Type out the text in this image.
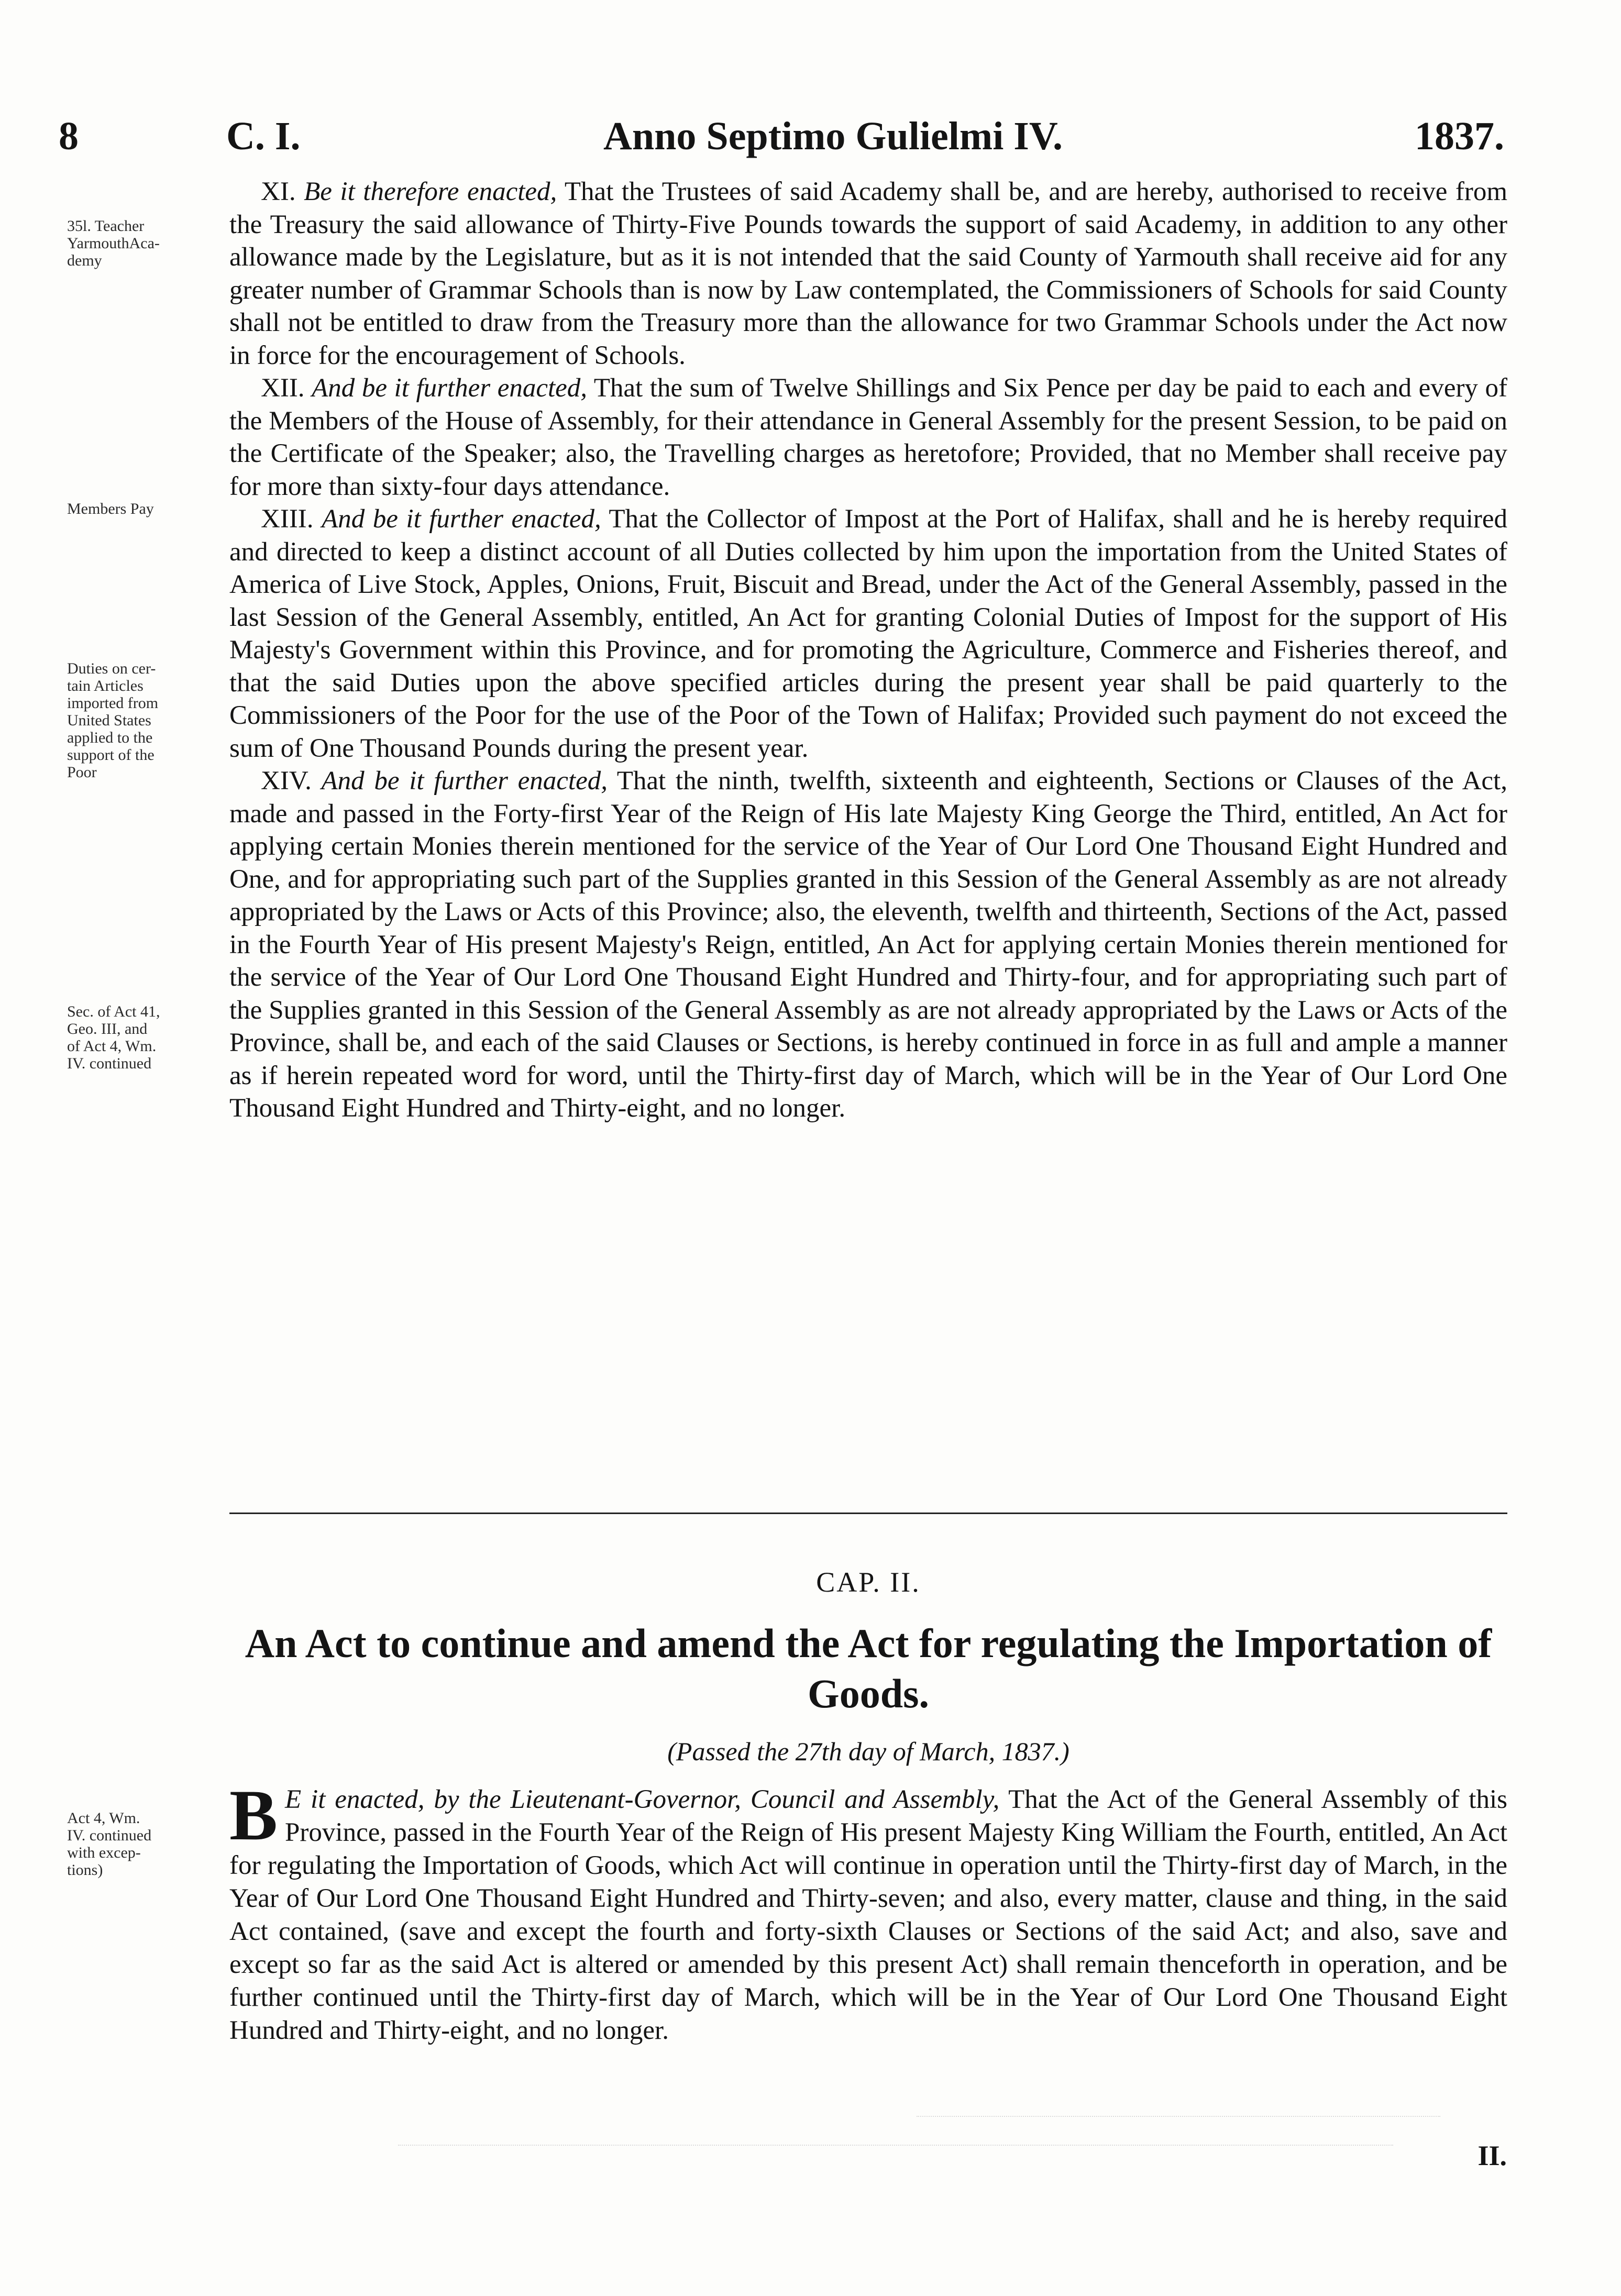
8	C. I.	Anno Septimo Gulielmi IV.	1837.
35l. Teacher
YarmouthAca-
demy
Members Pay
Duties on cer-
tain Articles
imported from
United States
applied to the
support of the
Poor
Sec. of Act 41,
Geo. III, and
of Act 4, Wm.
IV. continued
Act 4, Wm.
IV. continued
with excep-
tions)

XI. Be it therefore enacted, That the Trustees of said Academy shall be, and are hereby, authorised to receive from the Treasury the said allowance of Thirty-Five Pounds towards the support of said Academy, in addition to any other allowance made by the Legislature, but as it is not intended that the said County of Yarmouth shall receive aid for any greater number of Grammar Schools than is now by Law contemplated, the Commissioners of Schools for said County shall not be entitled to draw from the Treasury more than the allowance for two Grammar Schools under the Act now in force for the encouragement of Schools.

XII. And be it further enacted, That the sum of Twelve Shillings and Six Pence per day be paid to each and every of the Members of the House of Assembly, for their attendance in General Assembly for the present Session, to be paid on the Certificate of the Speaker; also, the Travelling charges as heretofore; Provided, that no Member shall receive pay for more than sixty-four days attendance.

XIII. And be it further enacted, That the Collector of Impost at the Port of Halifax, shall and he is hereby required and directed to keep a distinct account of all Duties collected by him upon the importation from the United States of America of Live Stock, Apples, Onions, Fruit, Biscuit and Bread, under the Act of the General Assembly, passed in the last Session of the General Assembly, entitled, An Act for granting Colonial Duties of Impost for the support of His Majesty's Government within this Province, and for promoting the Agriculture, Commerce and Fisheries thereof, and that the said Duties upon the above specified articles during the present year shall be paid quarterly to the Commissioners of the Poor for the use of the Poor of the Town of Halifax; Provided such payment do not exceed the sum of One Thousand Pounds during the present year.

XIV. And be it further enacted, That the ninth, twelfth, sixteenth and eighteenth, Sections or Clauses of the Act, made and passed in the Forty-first Year of the Reign of His late Majesty King George the Third, entitled, An Act for applying certain Monies therein mentioned for the service of the Year of Our Lord One Thousand Eight Hundred and One, and for appropriating such part of the Supplies granted in this Session of the General Assembly as are not already appropriated by the Laws or Acts of this Province; also, the eleventh, twelfth and thirteenth, Sections of the Act, passed in the Fourth Year of His present Majesty's Reign, entitled, An Act for applying certain Monies therein mentioned for the service of the Year of Our Lord One Thousand Eight Hundred and Thirty-four, and for appropriating such part of the Supplies granted in this Session of the General Assembly as are not already appropriated by the Laws or Acts of the Province, shall be, and each of the said Clauses or Sections, is hereby continued in force in as full and ample a manner as if herein repeated word for word, until the Thirty-first day of March, which will be in the Year of Our Lord One Thousand Eight Hundred and Thirty-eight, and no longer.

CAP. II.
An Act to continue and amend the Act for regulating the Importation of Goods.
(Passed the 27th day of March, 1837.)
B E it enacted, by the Lieutenant-Governor, Council and Assembly, That the Act of the General Assembly of this Province, passed in the Fourth Year of the Reign of His present Majesty King William the Fourth, entitled, An Act for regulating the Importation of Goods, which Act will continue in operation until the Thirty-first day of March, in the Year of Our Lord One Thousand Eight Hundred and Thirty-seven; and also, every matter, clause and thing, in the said Act contained, (save and except the fourth and forty-sixth Clauses or Sections of the said Act; and also, save and except so far as the said Act is altered or amended by this present Act) shall remain thenceforth in operation, and be further continued until the Thirty-first day of March, which will be in the Year of Our Lord One Thousand Eight Hundred and Thirty-eight, and no longer.
II.
